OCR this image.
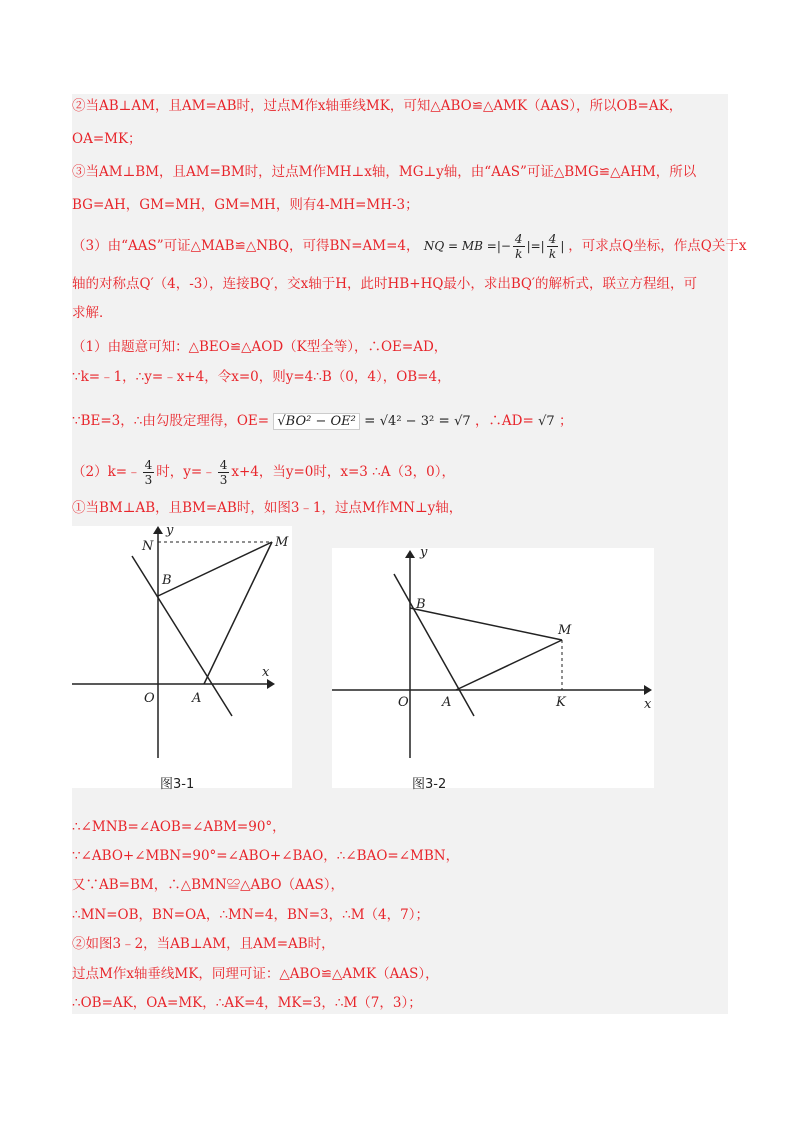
②当AB⊥AM，且AM=AB时，过点M作x轴垂线MK，可知△ABO≌△AMK（AAS），所以OB=AK，
OA=MK；
③当AM⊥BM，且AM=BM时，过点M作MH⊥x轴，MG⊥y轴，由“AAS”可证△BMG≌△AHM，所以
BG=AH，GM=MH，GM=MH，则有4-MH=MH-3；
（3）由“AAS”可证△MAB≌△NBQ，可得BN=AM=4， NQ = MB =|− $\frac{4}{k}$ |=| $\frac{4}{k}$ | ，可求点Q坐标，作点Q关于x
轴的对称点Q′（4，-3），连接BQ′，交x轴于H，此时HB+HQ最小，求出BQ′的解析式，联立方程组，可
求解．
（1）由题意可知：△BEO≌△AOD（K型全等），∴OE=AD，
∵k=﹣1，∴y=﹣x+4，令x=0，则y=4∴B（0，4），OB=4，
∵BE=3，∴由勾股定理得，OE= √BO² − OE² = √4² − 3² = √7 ，∴AD= √7 ；
（2）k=﹣ $\frac{4}{3}$ 时，y=﹣ $\frac{4}{3} x+4$，当y=0时，x=3 ∴A（3，0），
①当BM⊥AB，且BM=AB时，如图3﹣1，过点M作MN⊥y轴，
y
x
N	M
B
O	A
图3-1
y
x
B
M
O	A	K
图3-2
∴∠MNB=∠AOB=∠ABM=90°，
∵∠ABO+∠MBN=90°=∠ABO+∠BAO，∴∠BAO=∠MBN，
又∵AB=BM，∴△BMN≌△ABO（AAS），
∴MN=OB，BN=OA，∴MN=4，BN=3，∴M（4，7）；
②如图3﹣2，当AB⊥AM，且AM=AB时，
过点M作x轴垂线MK，同理可证：△ABO≌△AMK（AAS），
∴OB=AK，OA=MK，∴AK=4，MK=3，∴M（7，3）；
